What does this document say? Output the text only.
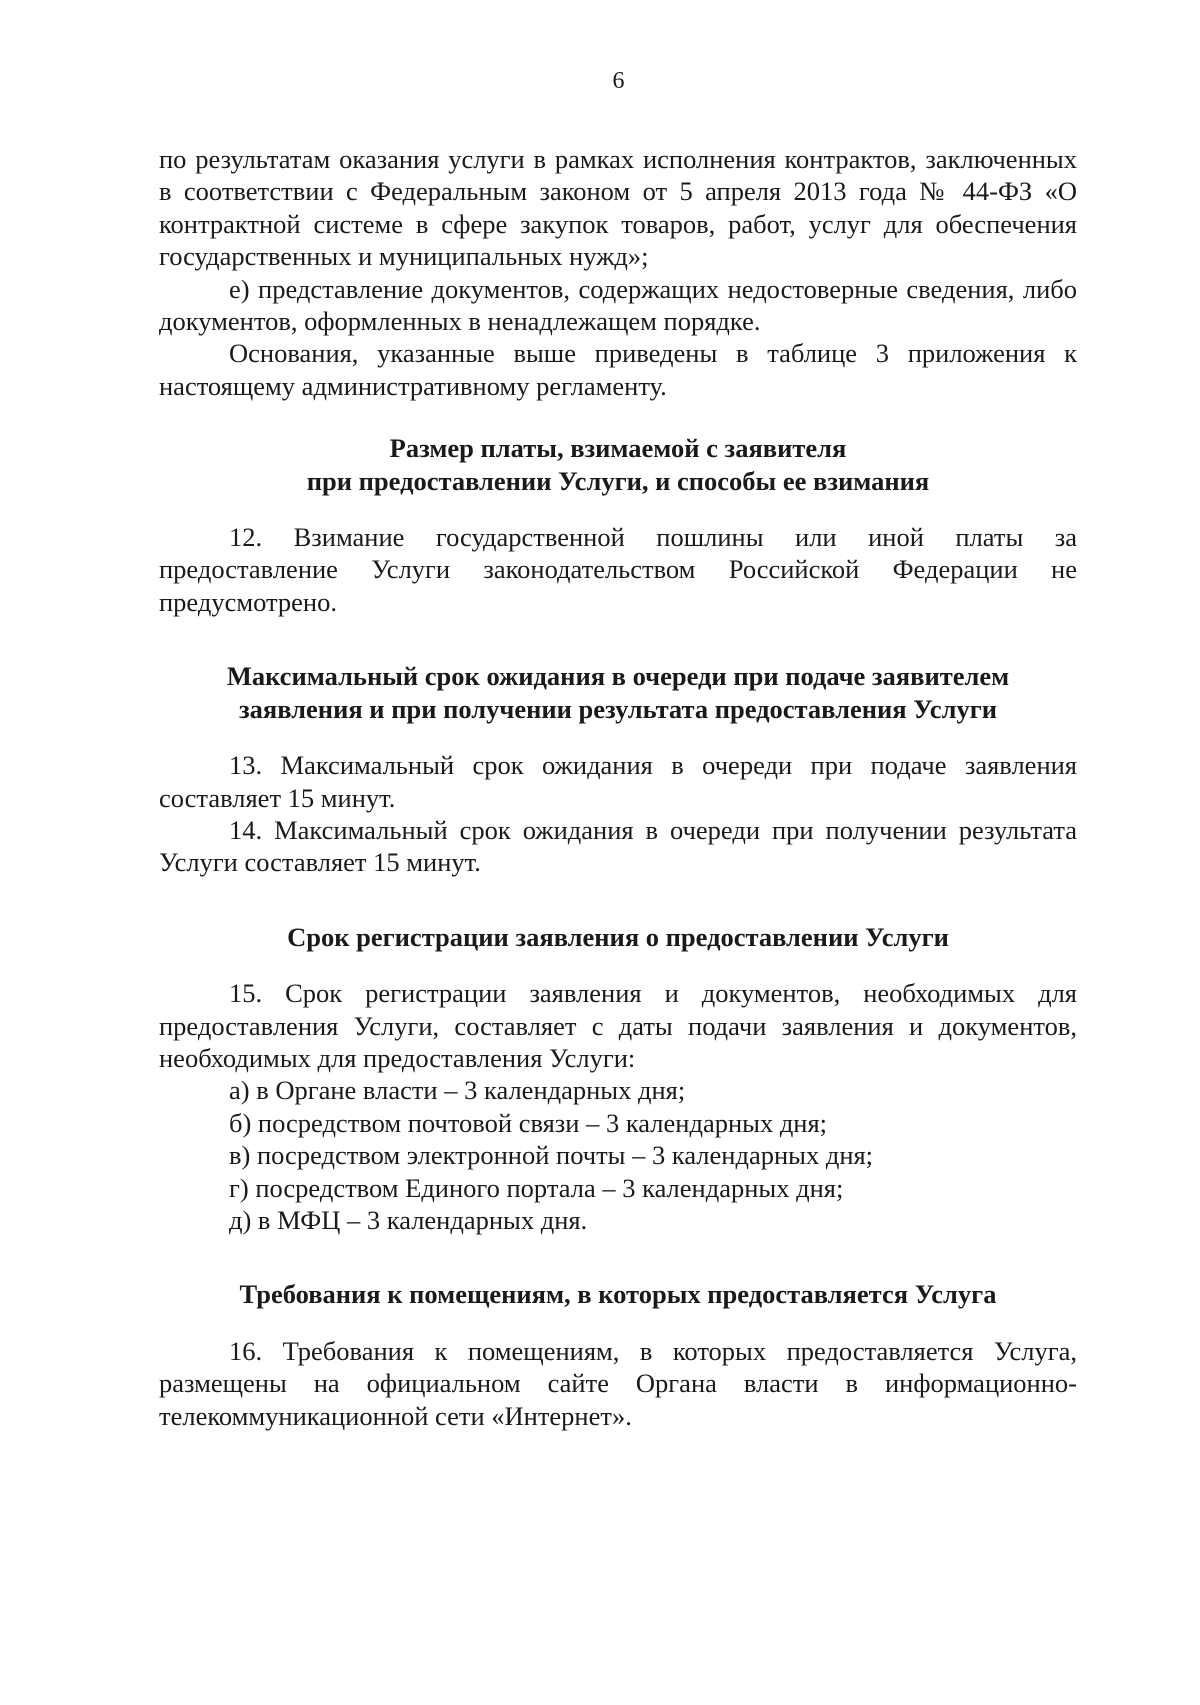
6

по результатам оказания услуги в рамках исполнения контрактов, заключенных в соответствии с Федеральным законом от 5 апреля 2013 года № 44-ФЗ «О контрактной системе в сфере закупок товаров, работ, услуг для обеспечения государственных и муниципальных нужд»;

е) представление документов, содержащих недостоверные сведения, либо документов, оформленных в ненадлежащем порядке.

Основания, указанные выше приведены в таблице 3 приложения к настоящему административному регламенту.

Размер платы, взимаемой с заявителя
при предоставлении Услуги, и способы ее взимания

12. Взимание государственной пошлины или иной платы за предоставление Услуги законодательством Российской Федерации не предусмотрено.

Максимальный срок ожидания в очереди при подаче заявителем
заявления и при получении результата предоставления Услуги

13. Максимальный срок ожидания в очереди при подаче заявления составляет 15 минут.

14. Максимальный срок ожидания в очереди при получении результата Услуги составляет 15 минут.

Срок регистрации заявления о предоставлении Услуги

15. Срок регистрации заявления и документов, необходимых для предоставления Услуги, составляет с даты подачи заявления и документов, необходимых для предоставления Услуги:

а) в Органе власти – 3 календарных дня;

б) посредством почтовой связи – 3 календарных дня;

в) посредством электронной почты – 3 календарных дня;

г) посредством Единого портала – 3 календарных дня;

д) в МФЦ – 3 календарных дня.

Требования к помещениям, в которых предоставляется Услуга

16. Требования к помещениям, в которых предоставляется Услуга, размещены на официальном сайте Органа власти в информационно-телекоммуникационной сети «Интернет».
